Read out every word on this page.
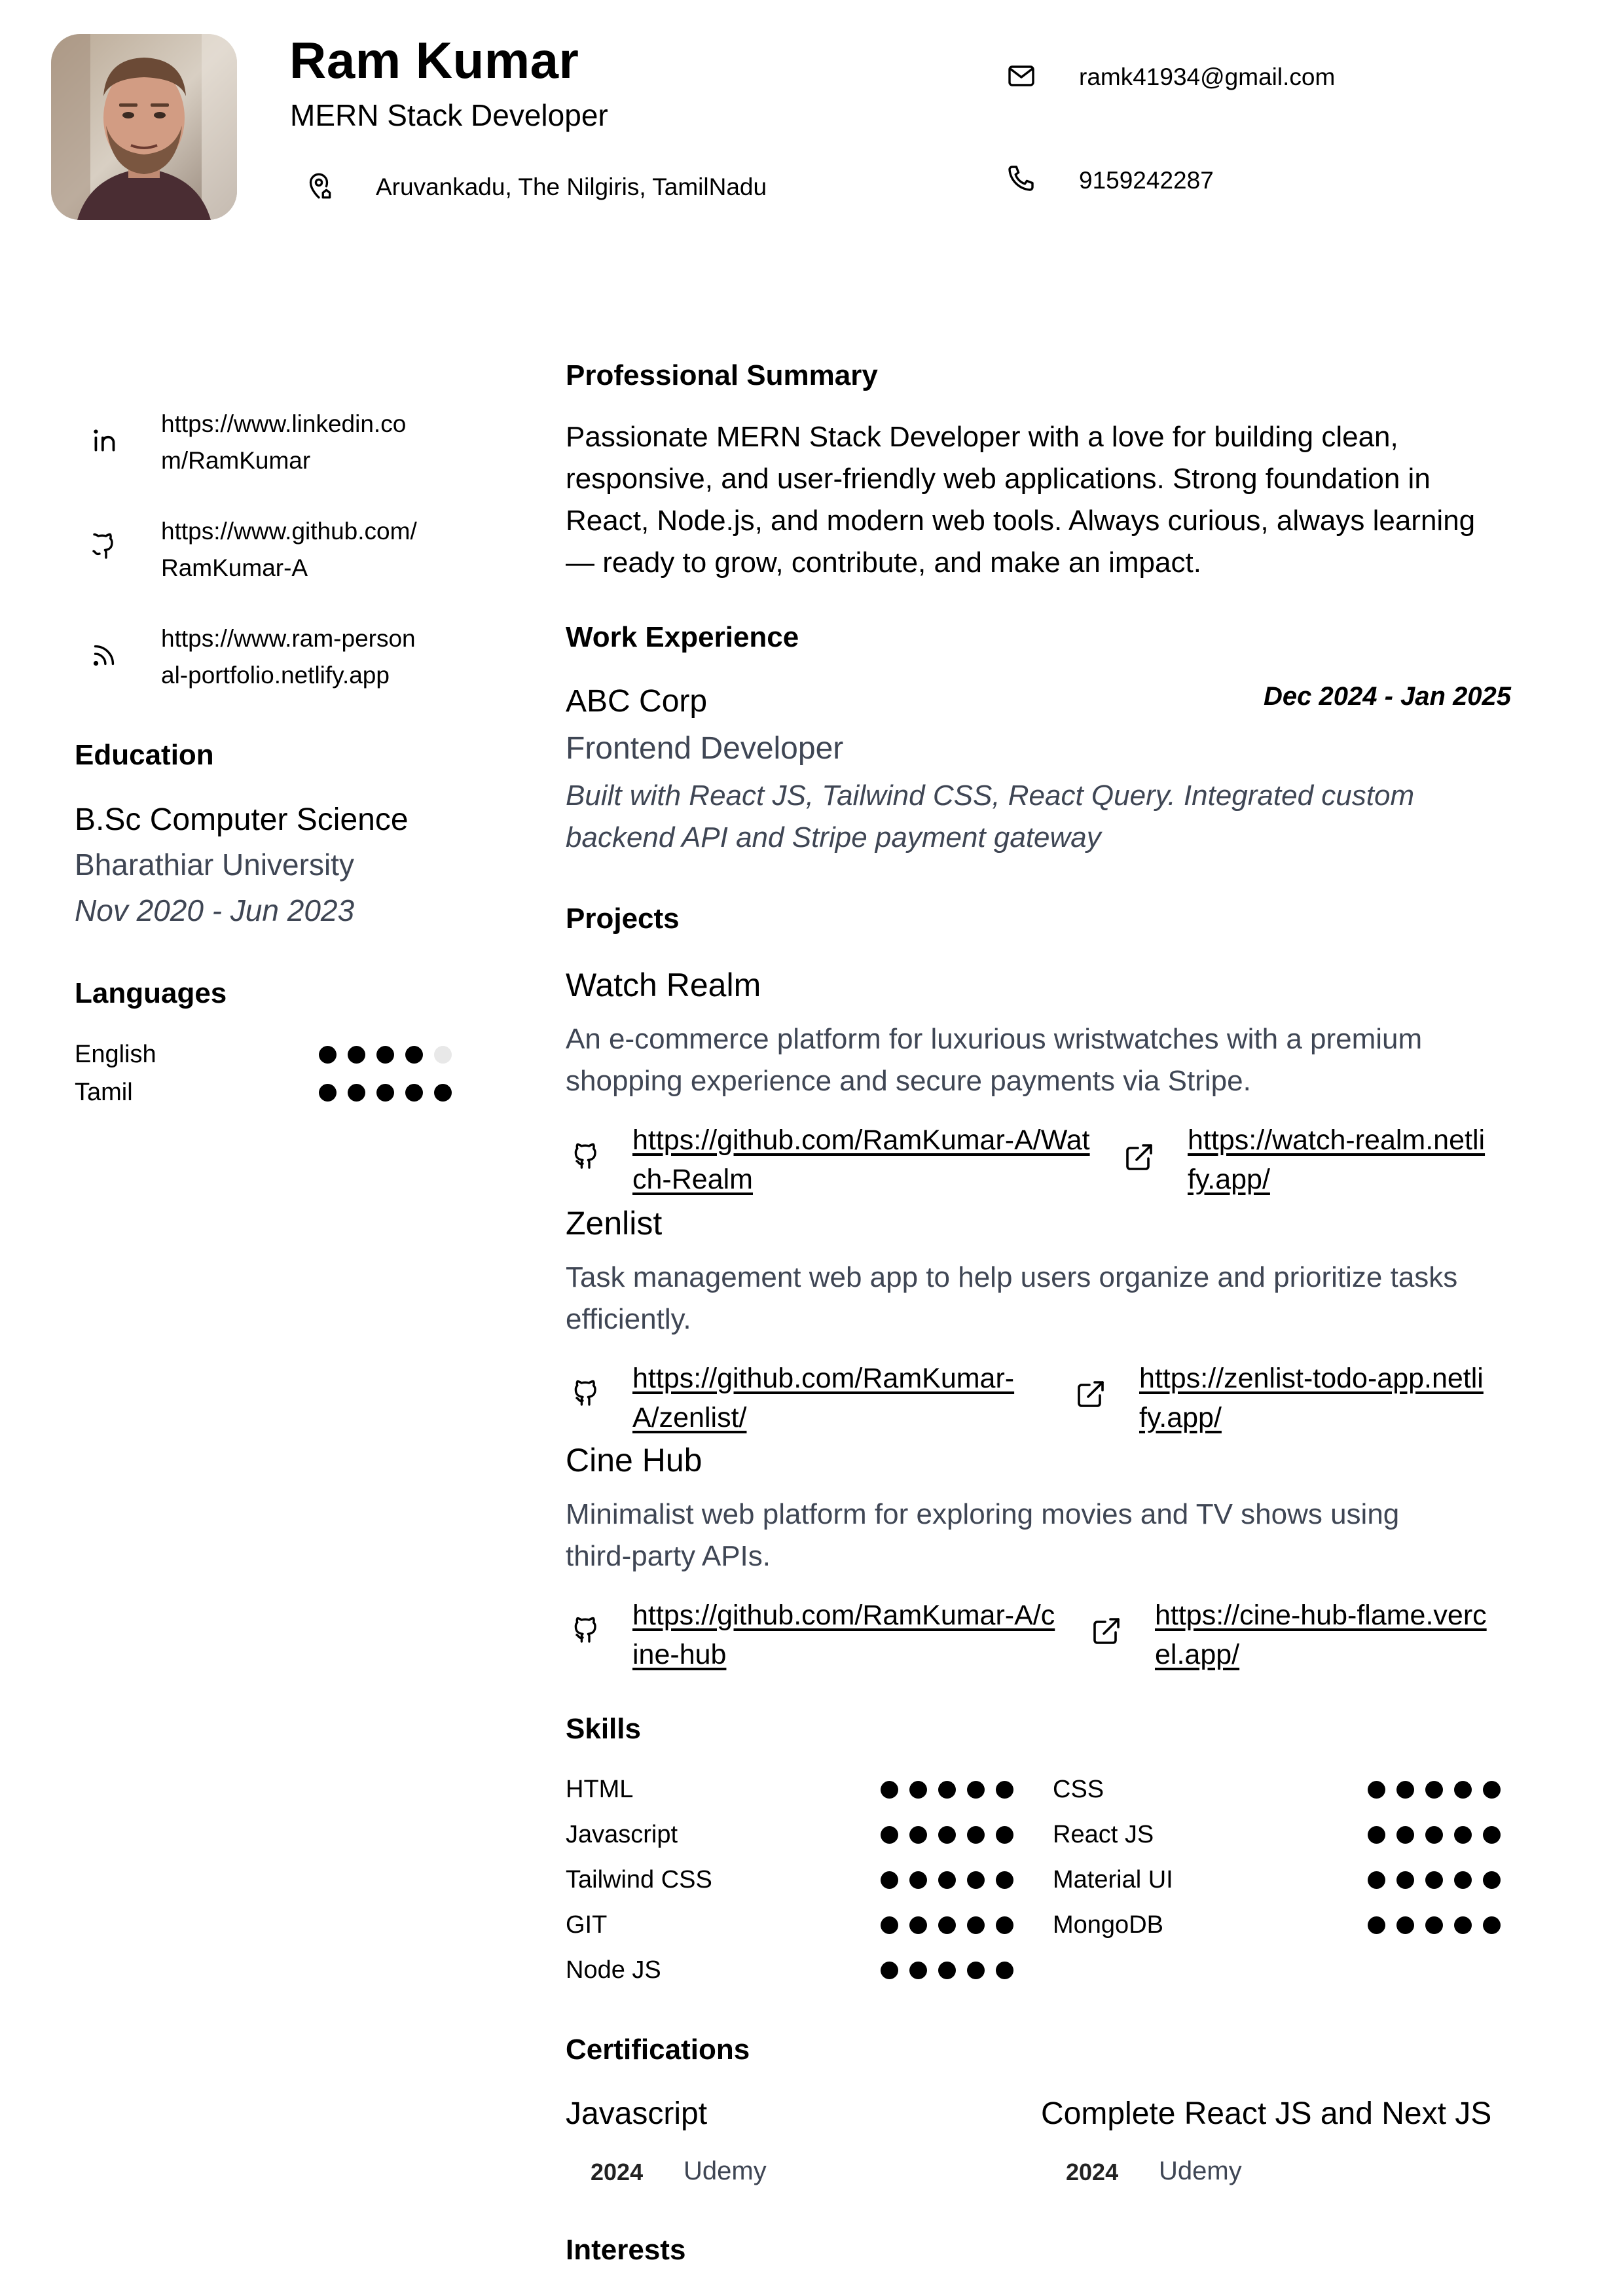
Ram Kumar
MERN Stack Developer
Aruvankadu, The Nilgiris, TamilNadu
ramk41934@gmail.com
9159242287
https://www.linkedin.co
m/RamKumar
https://www.github.com/
RamKumar-A
https://www.ram-person
al-portfolio.netlify.app
Education
B.Sc Computer Science
Bharathiar University
Nov 2020 - Jun 2023
Languages
English
Tamil
Professional Summary
Passionate MERN Stack Developer with a love for building clean,
responsive, and user-friendly web applications. Strong foundation in
React, Node.js, and modern web tools. Always curious, always learning
— ready to grow, contribute, and make an impact.
Work Experience
ABC Corp	Dec 2024 - Jan 2025
Frontend Developer
Built with React JS, Tailwind CSS, React Query. Integrated custom
backend API and Stripe payment gateway
Projects
Watch Realm
An e-commerce platform for luxurious wristwatches with a premium
shopping experience and secure payments via Stripe.
https://github.com/RamKumar-A/Wat
ch-Realm
https://watch-realm.netli
fy.app/
Zenlist
Task management web app to help users organize and prioritize tasks
efficiently.
https://github.com/RamKumar-
A/zenlist/
https://zenlist-todo-app.netli
fy.app/
Cine Hub
Minimalist web platform for exploring movies and TV shows using
third-party APIs.
https://github.com/RamKumar-A/c
ine-hub
https://cine-hub-flame.verc
el.app/
Skills
HTML
Javascript
Tailwind CSS
GIT
Node JS
CSS
React JS
Material UI
MongoDB
Certifications
Javascript
2024 Udemy
Complete React JS and Next JS
2024 Udemy
Interests
